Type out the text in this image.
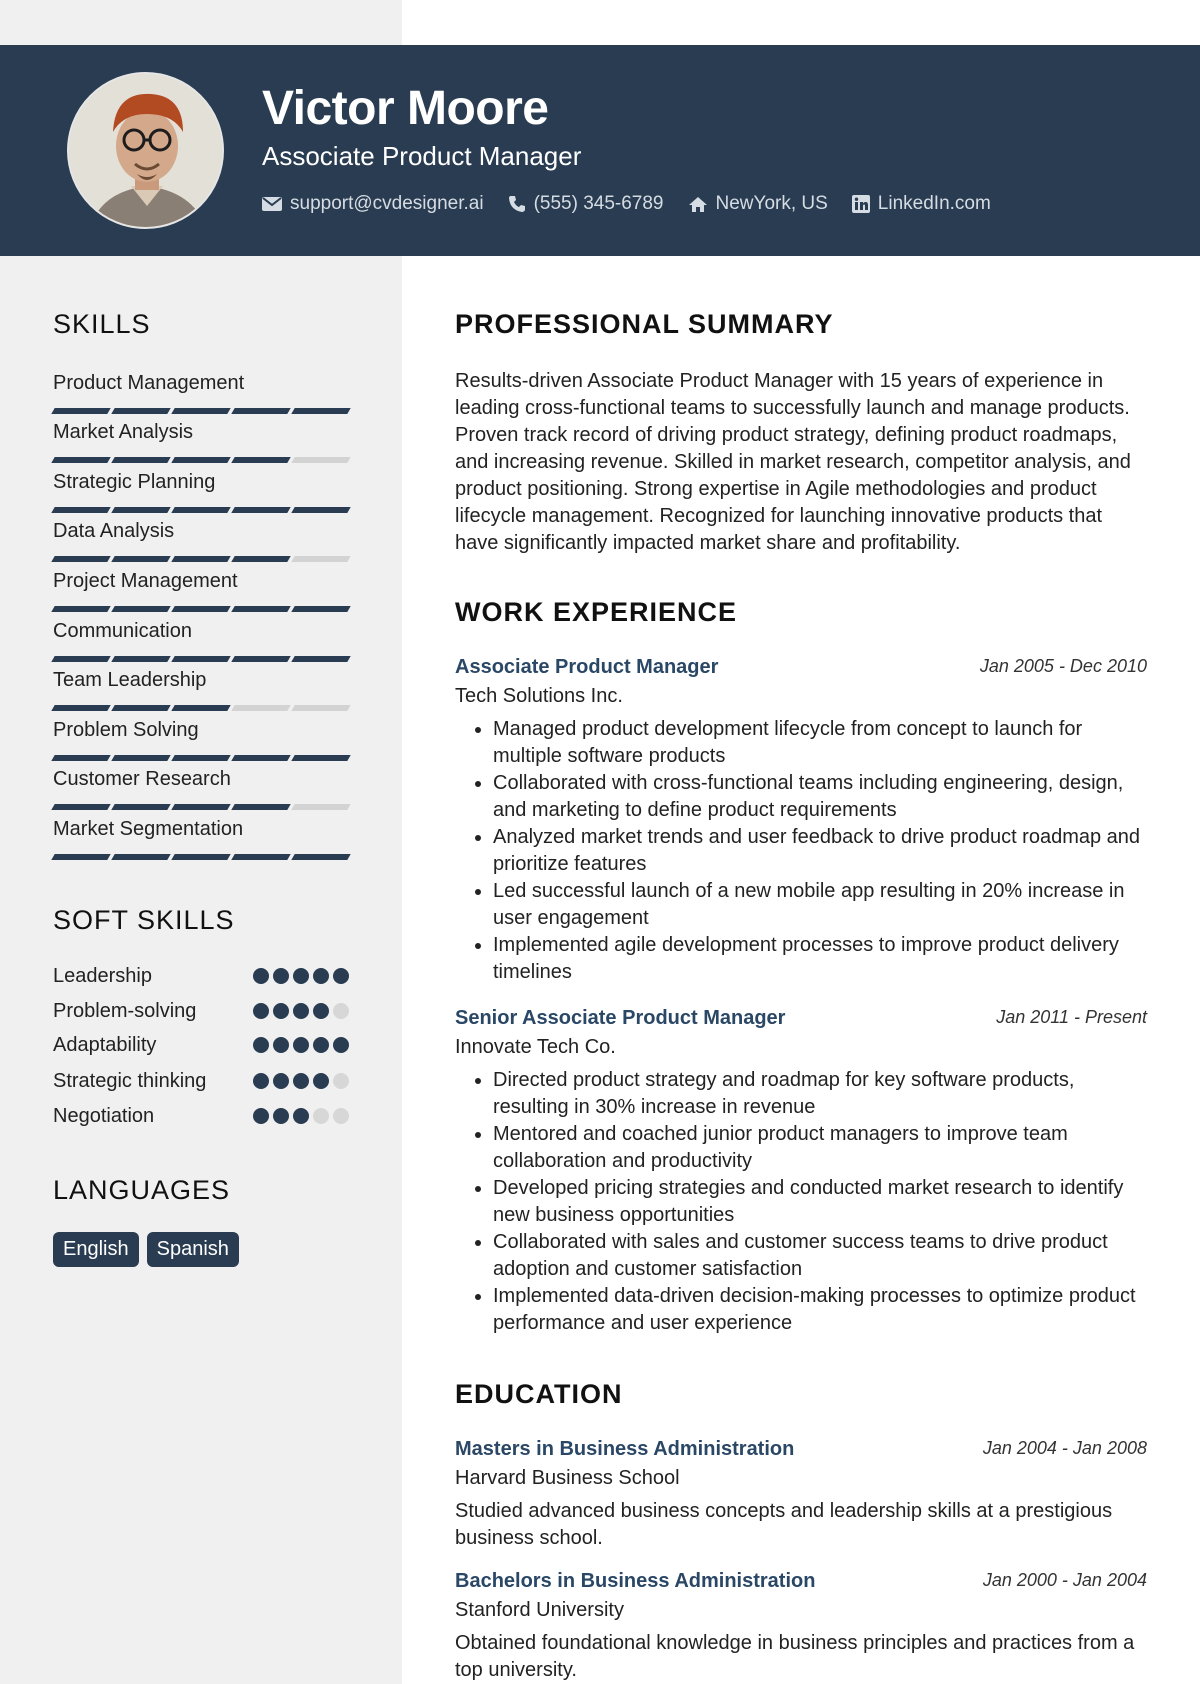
Victor Moore
Associate Product Manager
support@cvdesigner.ai	(555) 345-6789	NewYork, US	LinkedIn.com
SKILLS
Product Management
Market Analysis
Strategic Planning
Data Analysis
Project Management
Communication
Team Leadership
Problem Solving
Customer Research
Market Segmentation
SOFT SKILLS
Leadership
Problem-solving
Adaptability
Strategic thinking
Negotiation
LANGUAGES
English	Spanish
PROFESSIONAL SUMMARY

Results-driven Associate Product Manager with 15 years of experience in leading cross-functional teams to successfully launch and manage products. Proven track record of driving product strategy, defining product roadmaps, and increasing revenue. Skilled in market research, competitor analysis, and product positioning. Strong expertise in Agile methodologies and product lifecycle management. Recognized for launching innovative products that have significantly impacted market share and profitability.

WORK EXPERIENCE
Associate Product Manager	Jan 2005 - Dec 2010
Tech Solutions Inc.
• Managed product development lifecycle from concept to launch for multiple software products
• Collaborated with cross-functional teams including engineering, design, and marketing to define product requirements
• Analyzed market trends and user feedback to drive product roadmap and prioritize features
• Led successful launch of a new mobile app resulting in 20% increase in user engagement
• Implemented agile development processes to improve product delivery timelines
Senior Associate Product Manager	Jan 2011 - Present
Innovate Tech Co.
• Directed product strategy and roadmap for key software products, resulting in 30% increase in revenue
• Mentored and coached junior product managers to improve team collaboration and productivity
• Developed pricing strategies and conducted market research to identify new business opportunities
• Collaborated with sales and customer success teams to drive product adoption and customer satisfaction
• Implemented data-driven decision-making processes to optimize product performance and user experience
EDUCATION
Masters in Business Administration	Jan 2004 - Jan 2008
Harvard Business School
Studied advanced business concepts and leadership skills at a prestigious business school.
Bachelors in Business Administration	Jan 2000 - Jan 2004
Stanford University
Obtained foundational knowledge in business principles and practices from a top university.
